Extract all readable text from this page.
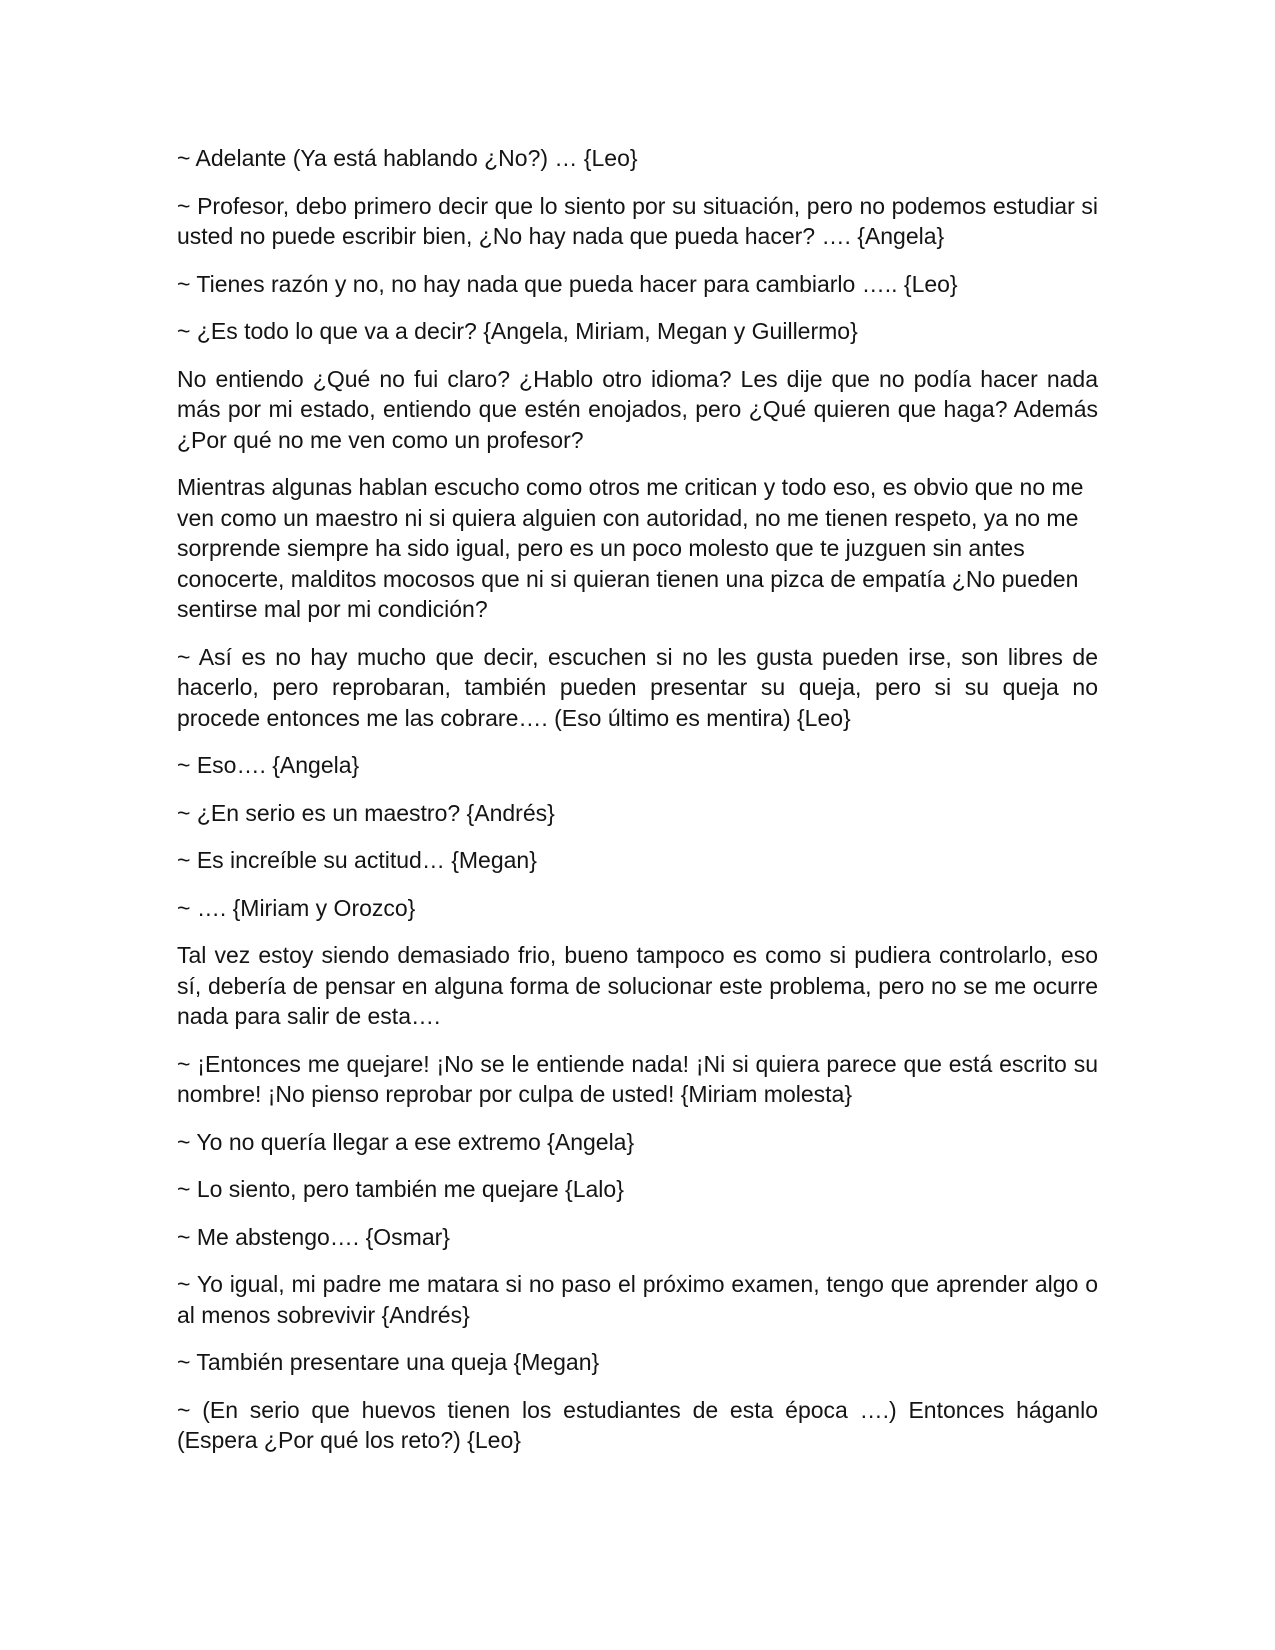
~ Adelante (Ya está hablando ¿No?) … {Leo}

~ Profesor, debo primero decir que lo siento por su situación, pero no podemos estudiar si usted no puede escribir bien, ¿No hay nada que pueda hacer? …. {Angela}

~ Tienes razón y no, no hay nada que pueda hacer para cambiarlo ….. {Leo}

~ ¿Es todo lo que va a decir? {Angela, Miriam, Megan y Guillermo}

No entiendo ¿Qué no fui claro? ¿Hablo otro idioma? Les dije que no podía hacer nada más por mi estado, entiendo que estén enojados, pero ¿Qué quieren que haga? Además ¿Por qué no me ven como un profesor?

Mientras algunas hablan escucho como otros me critican y todo eso, es obvio que no me ven como un maestro ni si quiera alguien con autoridad, no me tienen respeto, ya no me sorprende siempre ha sido igual, pero es un poco molesto que te juzguen sin antes conocerte, malditos mocosos que ni si quieran tienen una pizca de empatía ¿No pueden sentirse mal por mi condición?

~ Así es no hay mucho que decir, escuchen si no les gusta pueden irse, son libres de hacerlo, pero reprobaran, también pueden presentar su queja, pero si su queja no procede entonces me las cobrare…. (Eso último es mentira) {Leo}

~ Eso…. {Angela}

~ ¿En serio es un maestro? {Andrés}

~ Es increíble su actitud… {Megan}

~ …. {Miriam y Orozco}

Tal vez estoy siendo demasiado frio, bueno tampoco es como si pudiera controlarlo, eso sí, debería de pensar en alguna forma de solucionar este problema, pero no se me ocurre nada para salir de esta….

~ ¡Entonces me quejare! ¡No se le entiende nada! ¡Ni si quiera parece que está escrito su nombre! ¡No pienso reprobar por culpa de usted! {Miriam molesta}

~ Yo no quería llegar a ese extremo {Angela}

~ Lo siento, pero también me quejare {Lalo}

~ Me abstengo…. {Osmar}

~ Yo igual, mi padre me matara si no paso el próximo examen, tengo que aprender algo o al menos sobrevivir {Andrés}

~ También presentare una queja {Megan}

~ (En serio que huevos tienen los estudiantes de esta época ….) Entonces háganlo (Espera ¿Por qué los reto?) {Leo}
